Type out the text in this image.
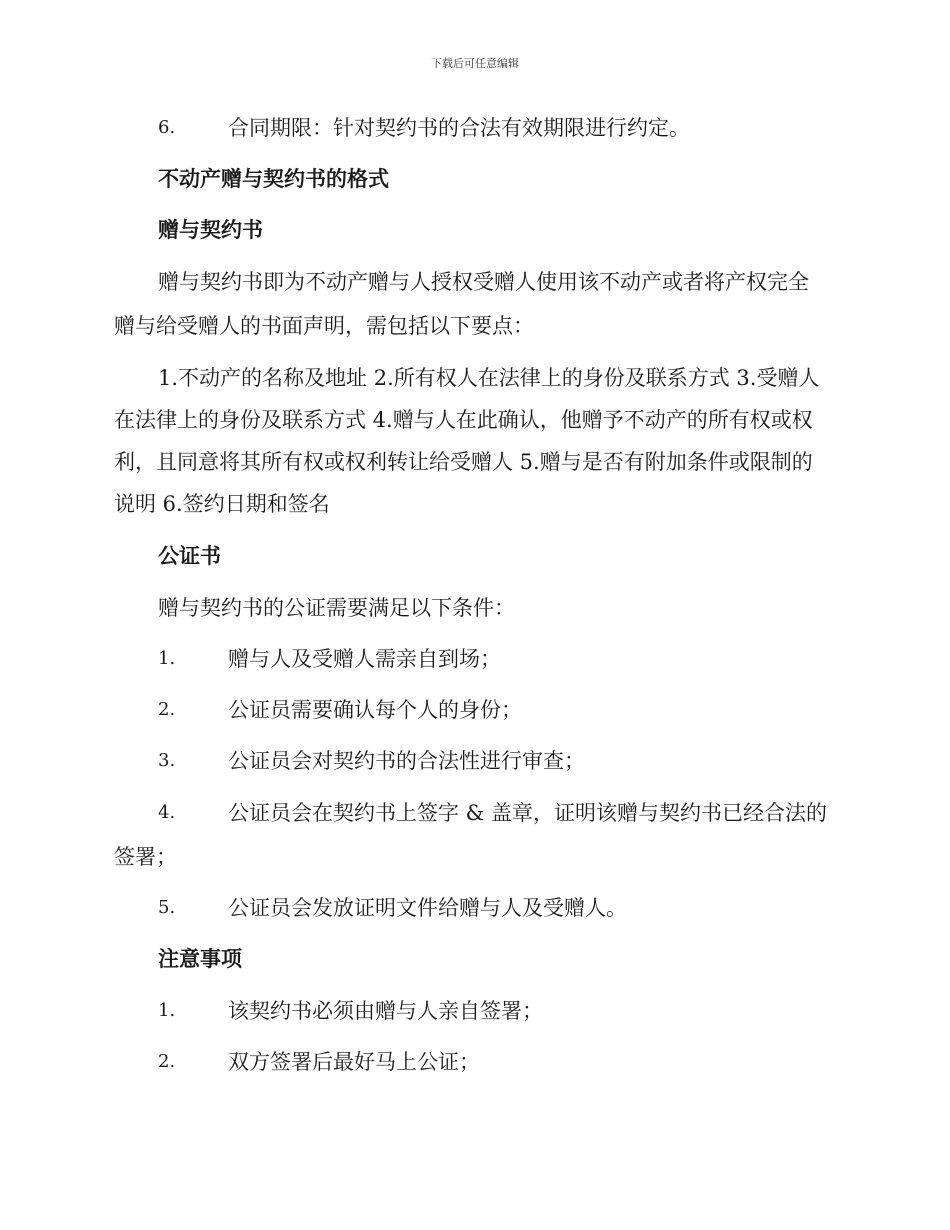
下载后可任意编辑
6.	合同期限：针对契约书的合法有效期限进行约定。
不动产赠与契约书的格式
赠与契约书
赠与契约书即为不动产赠与人授权受赠人使用该不动产或者将产权完全
赠与给受赠人的书面声明，需包括以下要点：
1.不动产的名称及地址 2.所有权人在法律上的身份及联系方式 3.受赠人
在法律上的身份及联系方式 4.赠与人在此确认，他赠予不动产的所有权或权
利，且同意将其所有权或权利转让给受赠人 5.赠与是否有附加条件或限制的
说明 6.签约日期和签名
公证书
赠与契约书的公证需要满足以下条件：
1.	赠与人及受赠人需亲自到场；
2.	公证员需要确认每个人的身份；
3.	公证员会对契约书的合法性进行审查；
4.	公证员会在契约书上签字 & 盖章，证明该赠与契约书已经合法的
签署；
5.	公证员会发放证明文件给赠与人及受赠人。
注意事项
1.	该契约书必须由赠与人亲自签署；
2.	双方签署后最好马上公证；
